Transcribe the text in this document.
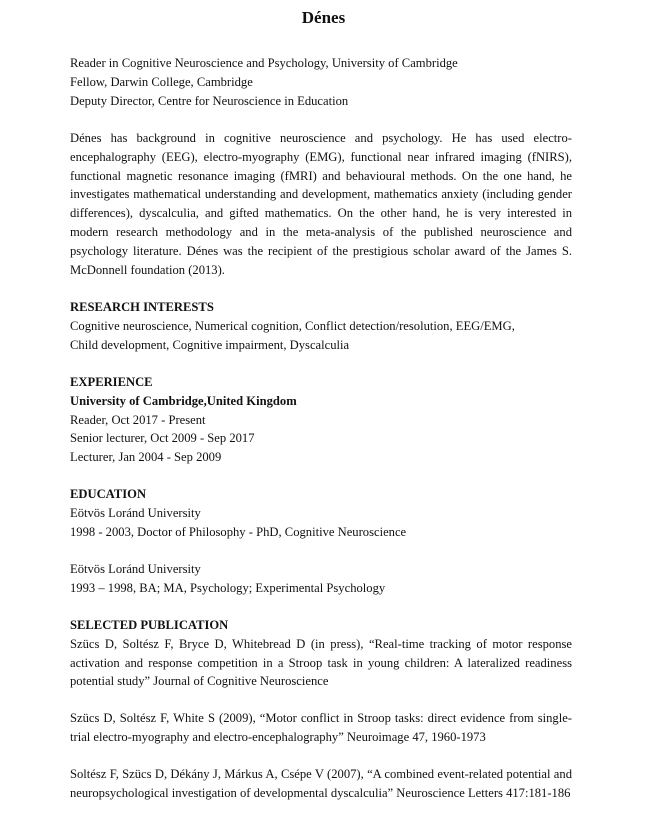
Dénes
Reader in Cognitive Neuroscience and Psychology, University of Cambridge
Fellow, Darwin College, Cambridge
Deputy Director, Centre for Neuroscience in Education
Dénes has background in cognitive neuroscience and psychology. He has used electro-encephalography (EEG), electro-myography (EMG), functional near infrared imaging (fNIRS), functional magnetic resonance imaging (fMRI) and behavioural methods. On the one hand, he investigates mathematical understanding and development, mathematics anxiety (including gender differences), dyscalculia, and gifted mathematics. On the other hand, he is very interested in modern research methodology and in the meta-analysis of the published neuroscience and psychology literature. Dénes was the recipient of the prestigious scholar award of the James S. McDonnell foundation (2013).
RESEARCH INTERESTS
Cognitive neuroscience, Numerical cognition, Conflict detection/resolution, EEG/EMG,
Child development, Cognitive impairment, Dyscalculia
EXPERIENCE
University of Cambridge,United Kingdom
Reader, Oct 2017 - Present
Senior lecturer, Oct 2009 - Sep 2017
Lecturer, Jan 2004 - Sep 2009
EDUCATION
Eötvös Loránd University
1998 - 2003, Doctor of Philosophy - PhD, Cognitive Neuroscience
Eötvös Loránd University
1993 – 1998, BA; MA, Psychology; Experimental Psychology
SELECTED PUBLICATION
Szücs D, Soltész F, Bryce D, Whitebread D (in press), “Real-time tracking of motor response activation and response competition in a Stroop task in young children: A lateralized readiness potential study” Journal of Cognitive Neuroscience
Szücs D, Soltész F, White S (2009), “Motor conflict in Stroop tasks: direct evidence from single-trial electro-myography and electro-encephalography” Neuroimage 47, 1960-1973
Soltész F, Szücs D, Dékány J, Márkus A, Csépe V (2007), “A combined event-related potential and neuropsychological investigation of developmental dyscalculia” Neuroscience Letters 417:181-186
